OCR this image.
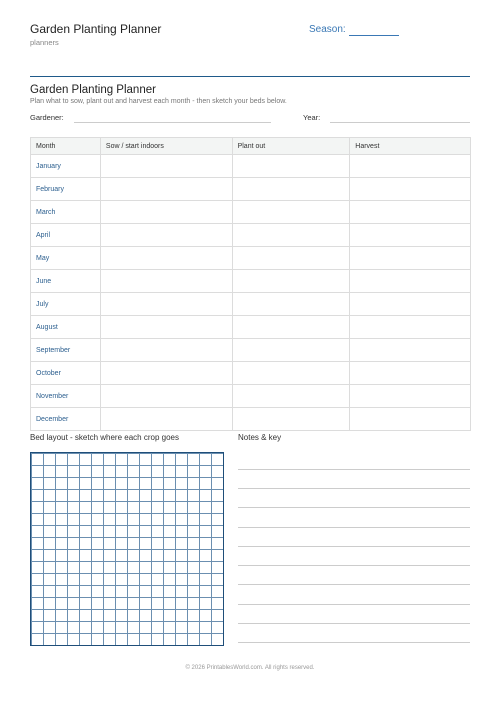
Garden Planting Planner
planners
Season:
Garden Planting Planner
Plan what to sow, plant out and harvest each month - then sketch your beds below.
Gardener:	Year:
Month	Sow / start indoors	Plant out	Harvest
January			
February			
March			
April			
May			
June			
July			
August			
September			
October			
November			
December			
Bed layout - sketch where each crop goes	Notes & key
© 2026 PrintablesWorld.com. All rights reserved.
